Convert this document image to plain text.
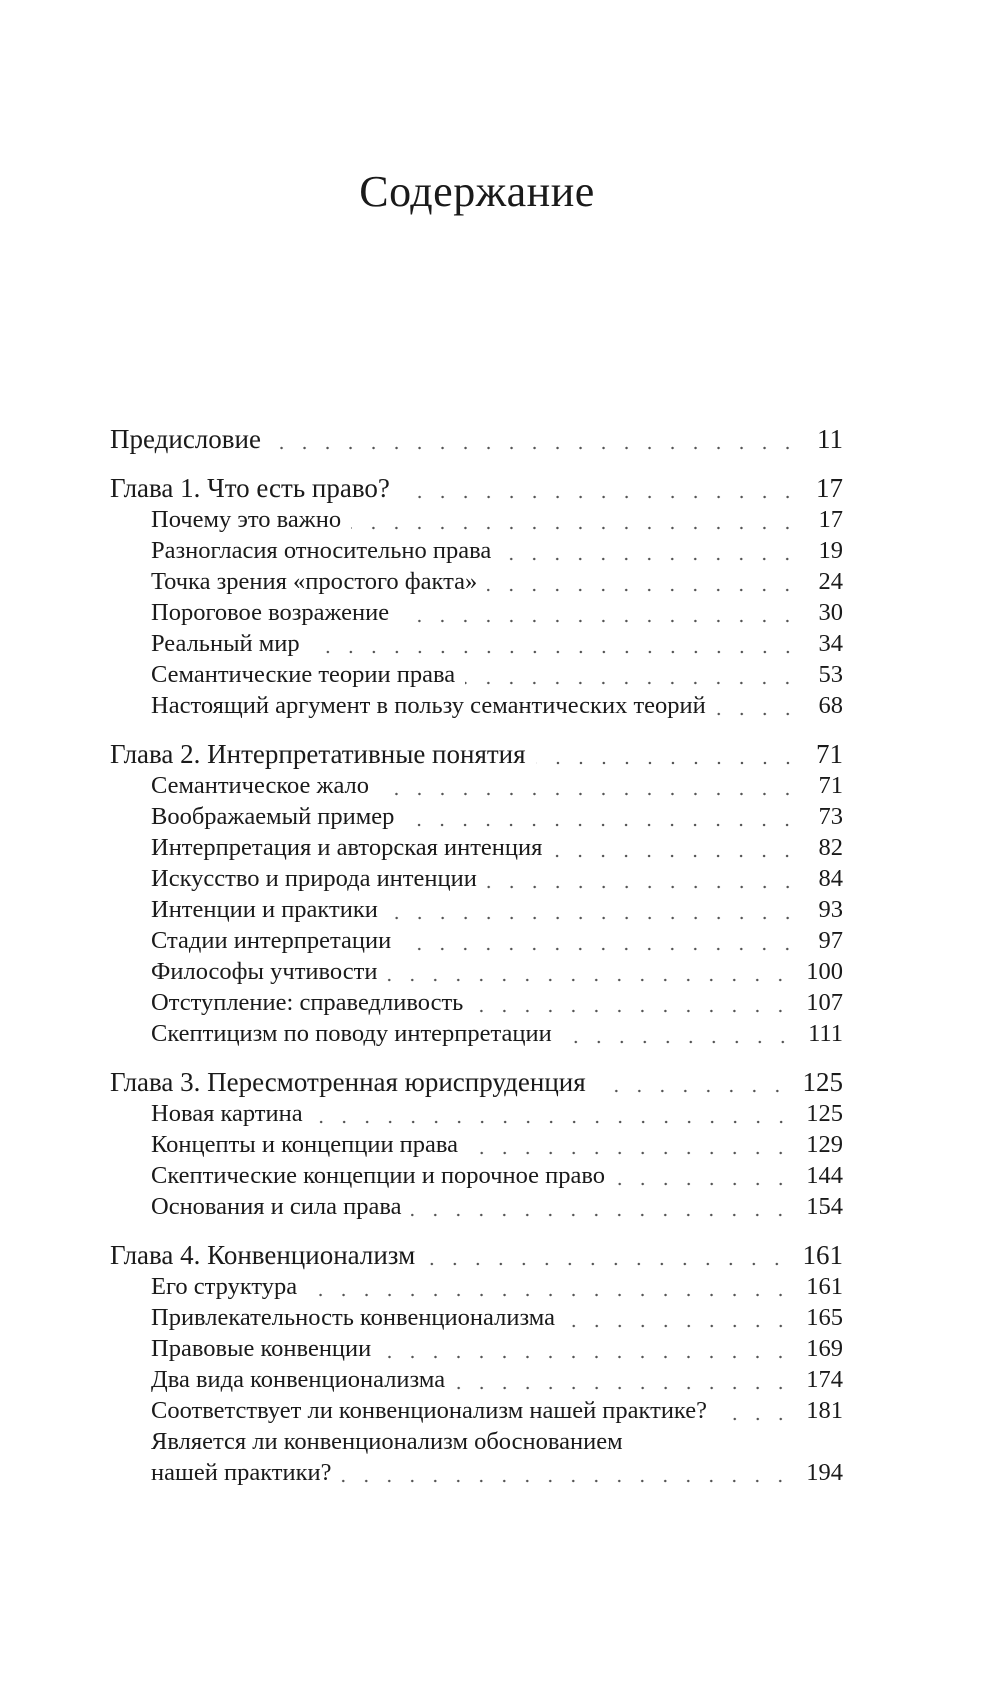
Содержание
Предисловие	11
Глава 1. Что есть право?	17
Почему это важно	17
Разногласия относительно права	19
Точка зрения «простого факта»	24
Пороговое возражение	30
Реальный мир	34
Семантические теории права	53
Настоящий аргумент в пользу семантических теорий	68
Глава 2. Интерпретативные понятия	71
Семантическое жало	71
Воображаемый пример	73
Интерпретация и авторская интенция	82
Искусство и природа интенции	84
Интенции и практики	93
Стадии интерпретации	97
Философы учтивости	100
Отступление: справедливость	107
Скептицизм по поводу интерпретации	111
Глава 3. Пересмотренная юриспруденция	125
Новая картина	125
Концепты и концепции права	129
Скептические концепции и порочное право	144
Основания и сила права	154
Глава 4. Конвенционализм	161
Его структура	161
Привлекательность конвенционализма	165
Правовые конвенции	169
Два вида конвенционализма	174
Соответствует ли конвенционализм нашей практике?	181
Является ли конвенционализм обоснованием
нашей практики?	194
